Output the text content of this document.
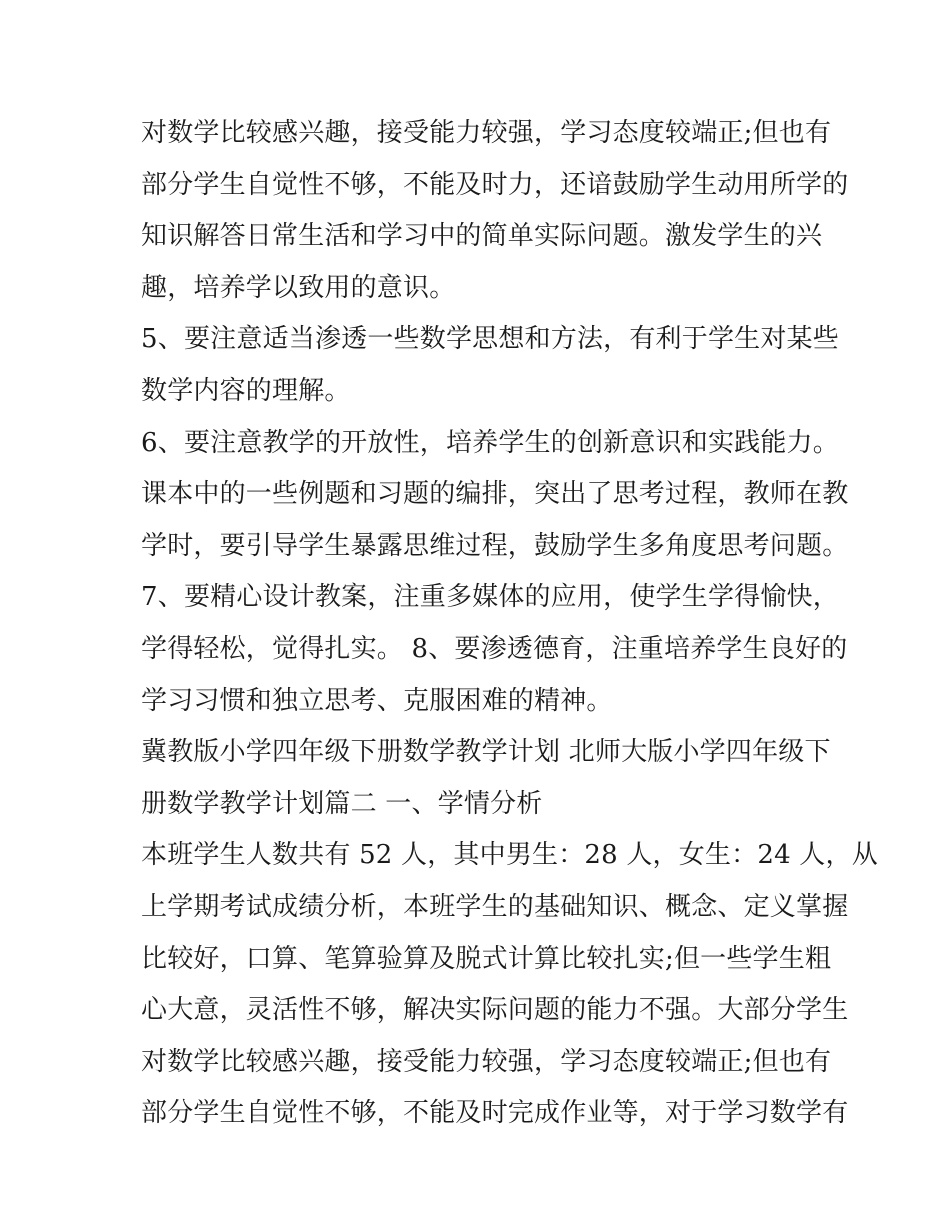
对数学比较感兴趣，接受能力较强，学习态度较端正;但也有
部分学生自觉性不够，不能及时力，还谙鼓励学生动用所学的
知识解答日常生活和学习中的简单实际问题。激发学生的兴
趣，培养学以致用的意识。
5、要注意适当渗透一些数学思想和方法，有利于学生对某些
数学内容的理解。
6、要注意教学的开放性，培养学生的创新意识和实践能力。
课本中的一些例题和习题的编排，突出了思考过程，教师在教
学时，要引导学生暴露思维过程，鼓励学生多角度思考问题。
7、要精心设计教案，注重多媒体的应用，使学生学得愉快，
学得轻松，觉得扎实。 8、要渗透德育，注重培养学生良好的
学习习惯和独立思考、克服困难的精神。
冀教版小学四年级下册数学教学计划 北师大版小学四年级下
册数学教学计划篇二 一、学情分析
本班学生人数共有 52 人，其中男生：28 人，女生：24 人，从
上学期考试成绩分析，本班学生的基础知识、概念、定义掌握
比较好，口算、笔算验算及脱式计算比较扎实;但一些学生粗
心大意，灵活性不够，解决实际问题的能力不强。大部分学生
对数学比较感兴趣，接受能力较强，学习态度较端正;但也有
部分学生自觉性不够，不能及时完成作业等，对于学习数学有
